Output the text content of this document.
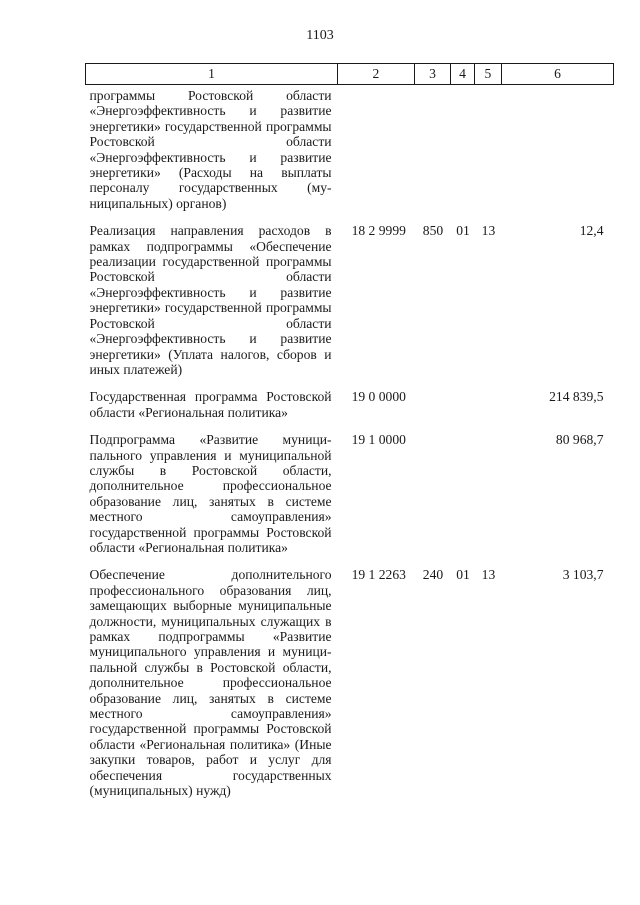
1103
1	2	3	4	5	6
программы Ростовской области «Энергоэффективность и развитие энергетики» государственной программы Ростовской области «Энергоэффективность и развитие энергетики» (Расходы на выплаты персоналу государственных (муниципальных) органов)					
Реализация направления расходов в рамках подпрограммы «Обеспечение реализации государственной программы Ростовской области «Энергоэффективность и развитие энергетики» государственной программы Ростовской области «Энергоэффективность и развитие энергетики» (Уплата налогов, сборов и иных платежей)	18 2 9999	850	01	13	12,4
Государственная программа Ростовской области «Региональная политика»	19 0 0000				214 839,5
Подпрограмма «Развитие муниципального управления и муниципальной службы в Ростовской области, дополнительное профессиональное образование лиц, занятых в системе местного самоуправления» государственной программы Ростовской области «Региональная политика»	19 1 0000				80 968,7
Обеспечение дополнительного профессионального образования лиц, замещающих выборные муниципальные должности, муниципальных служащих в рамках подпрограммы «Развитие муниципального управления и муниципальной службы в Ростовской области, дополнительное профессиональное образование лиц, занятых в системе местного самоуправления» государственной программы Ростовской области «Региональная политика» (Иные закупки товаров, работ и услуг для обеспечения государственных (муниципальных) нужд)	19 1 2263	240	01	13	3 103,7
